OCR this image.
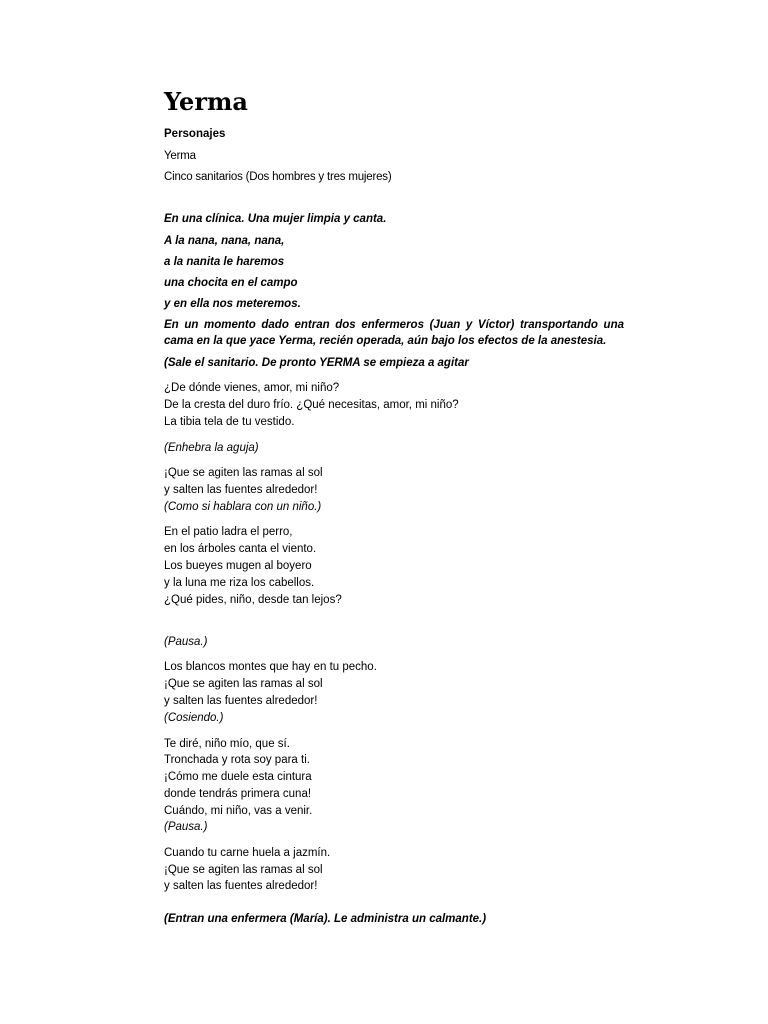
Yerma
Personajes
Yerma
Cinco sanitarios (Dos hombres y tres mujeres)
En una clínica. Una mujer limpia y canta.
A la nana, nana, nana,
a la nanita le haremos
una chocita en el campo
y en ella nos meteremos.
En un momento dado entran dos enfermeros (Juan y Víctor) transportando una cama en la que yace Yerma, recién operada, aún bajo los efectos de la anestesia.
(Sale el sanitario. De pronto YERMA se empieza a agitar
¿De dónde vienes, amor, mi niño?
De la cresta del duro frío. ¿Qué necesitas, amor, mi niño?
La tibia tela de tu vestido.
(Enhebra la aguja)
¡Que se agiten las ramas al sol
y salten las fuentes alrededor!
(Como si hablara con un niño.)
En el patio ladra el perro,
en los árboles canta el viento.
Los bueyes mugen al boyero
y la luna me riza los cabellos.
¿Qué pides, niño, desde tan lejos?
(Pausa.)
Los blancos montes que hay en tu pecho.
¡Que se agiten las ramas al sol
y salten las fuentes alrededor!
(Cosiendo.)
Te diré, niño mío, que sí.
Tronchada y rota soy para ti.
¡Cómo me duele esta cintura
donde tendrás primera cuna!
Cuándo, mi niño, vas a venir.
(Pausa.)
Cuando tu carne huela a jazmín.
¡Que se agiten las ramas al sol
y salten las fuentes alrededor!
(Entran una enfermera (María). Le administra un calmante.)
